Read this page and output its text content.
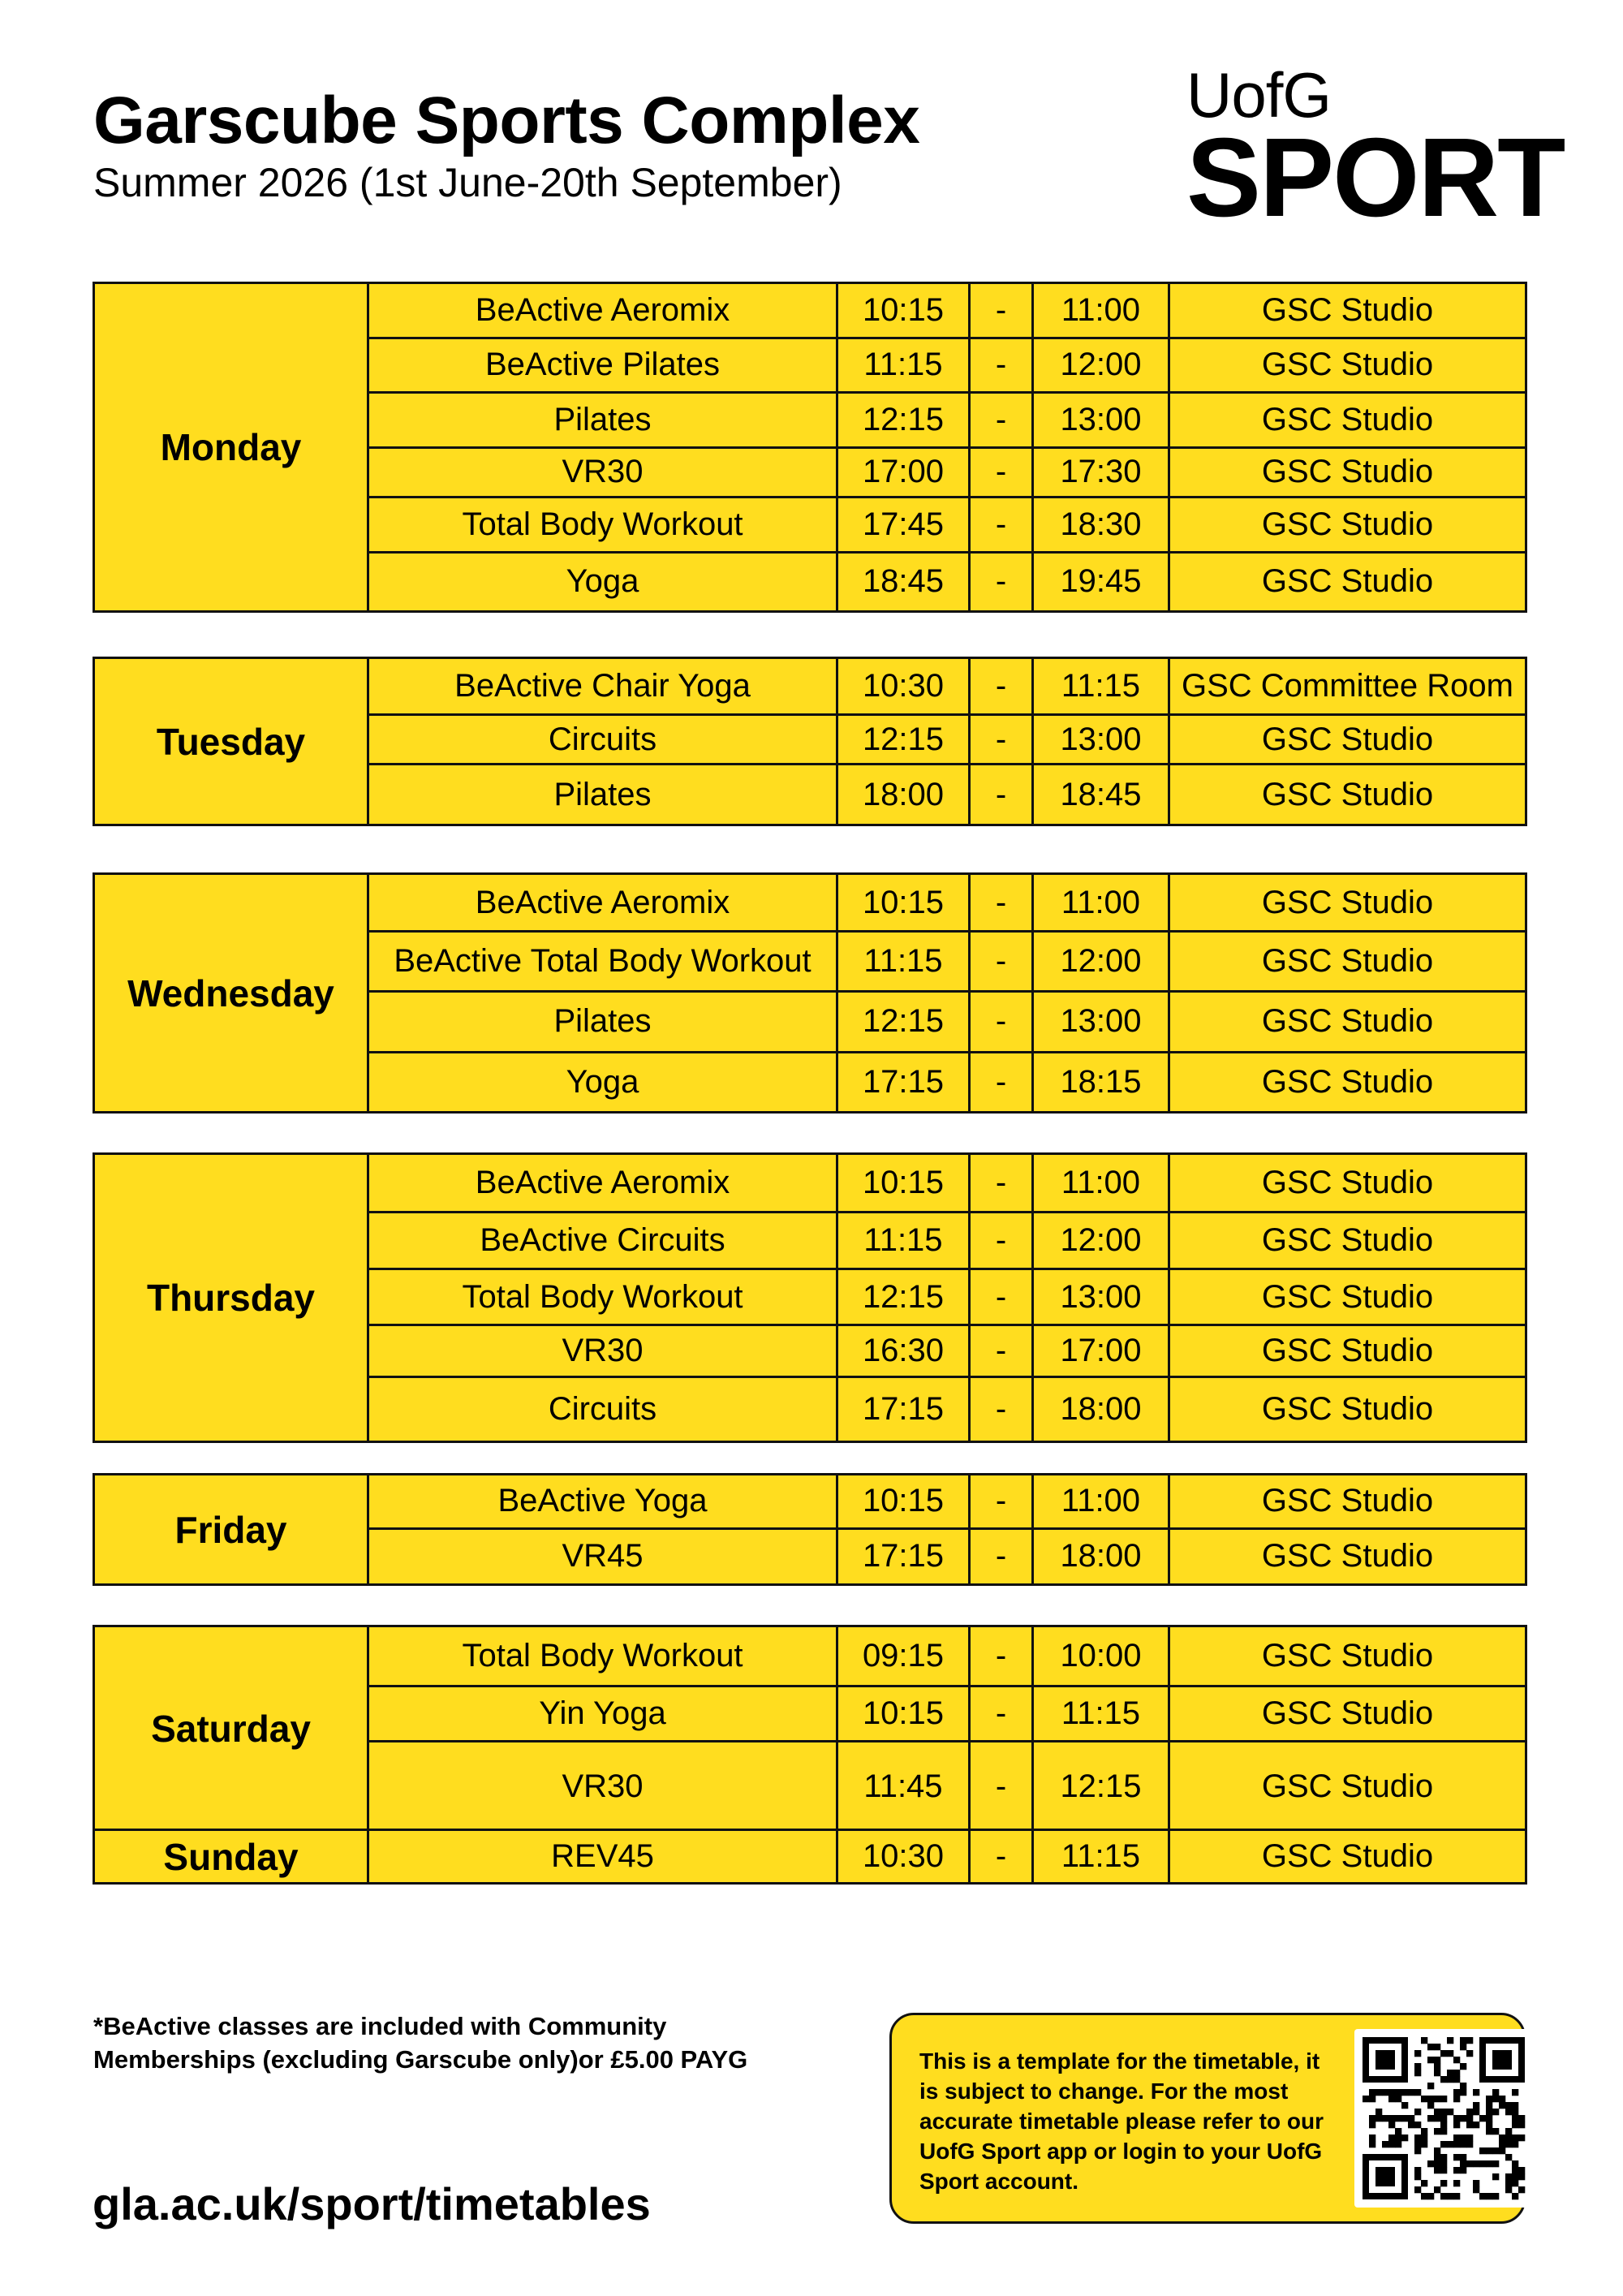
Garscube Sports Complex
Summer 2026 (1st June-20th September)
UofG
SPORT
Monday
BeActive Aeromix	10:15	-	11:00	GSC Studio
BeActive Pilates	11:15	-	12:00	GSC Studio
Pilates	12:15	-	13:00	GSC Studio
VR30	17:00	-	17:30	GSC Studio
Total Body Workout	17:45	-	18:30	GSC Studio
Yoga	18:45	-	19:45	GSC Studio
Tuesday
BeActive Chair Yoga	10:30	-	11:15	GSC Committee Room
Circuits	12:15	-	13:00	GSC Studio
Pilates	18:00	-	18:45	GSC Studio
Wednesday
BeActive Aeromix	10:15	-	11:00	GSC Studio
BeActive Total Body Workout	11:15	-	12:00	GSC Studio
Pilates	12:15	-	13:00	GSC Studio
Yoga	17:15	-	18:15	GSC Studio
Thursday
BeActive Aeromix	10:15	-	11:00	GSC Studio
BeActive Circuits	11:15	-	12:00	GSC Studio
Total Body Workout	12:15	-	13:00	GSC Studio
VR30	16:30	-	17:00	GSC Studio
Circuits	17:15	-	18:00	GSC Studio
Friday
BeActive Yoga	10:15	-	11:00	GSC Studio
VR45	17:15	-	18:00	GSC Studio
Saturday
Total Body Workout	09:15	-	10:00	GSC Studio
Yin Yoga	10:15	-	11:15	GSC Studio
VR30	11:45	-	12:15	GSC Studio
Sunday	REV45	10:30	-	11:15	GSC Studio
*BeActive classes are included with Community Memberships (excluding Garscube only)or £5.00 PAYG
gla.ac.uk/sport/timetables
This is a template for the timetable, it is subject to change. For the most accurate timetable please refer to our UofG Sport app or login to your UofG Sport account.
